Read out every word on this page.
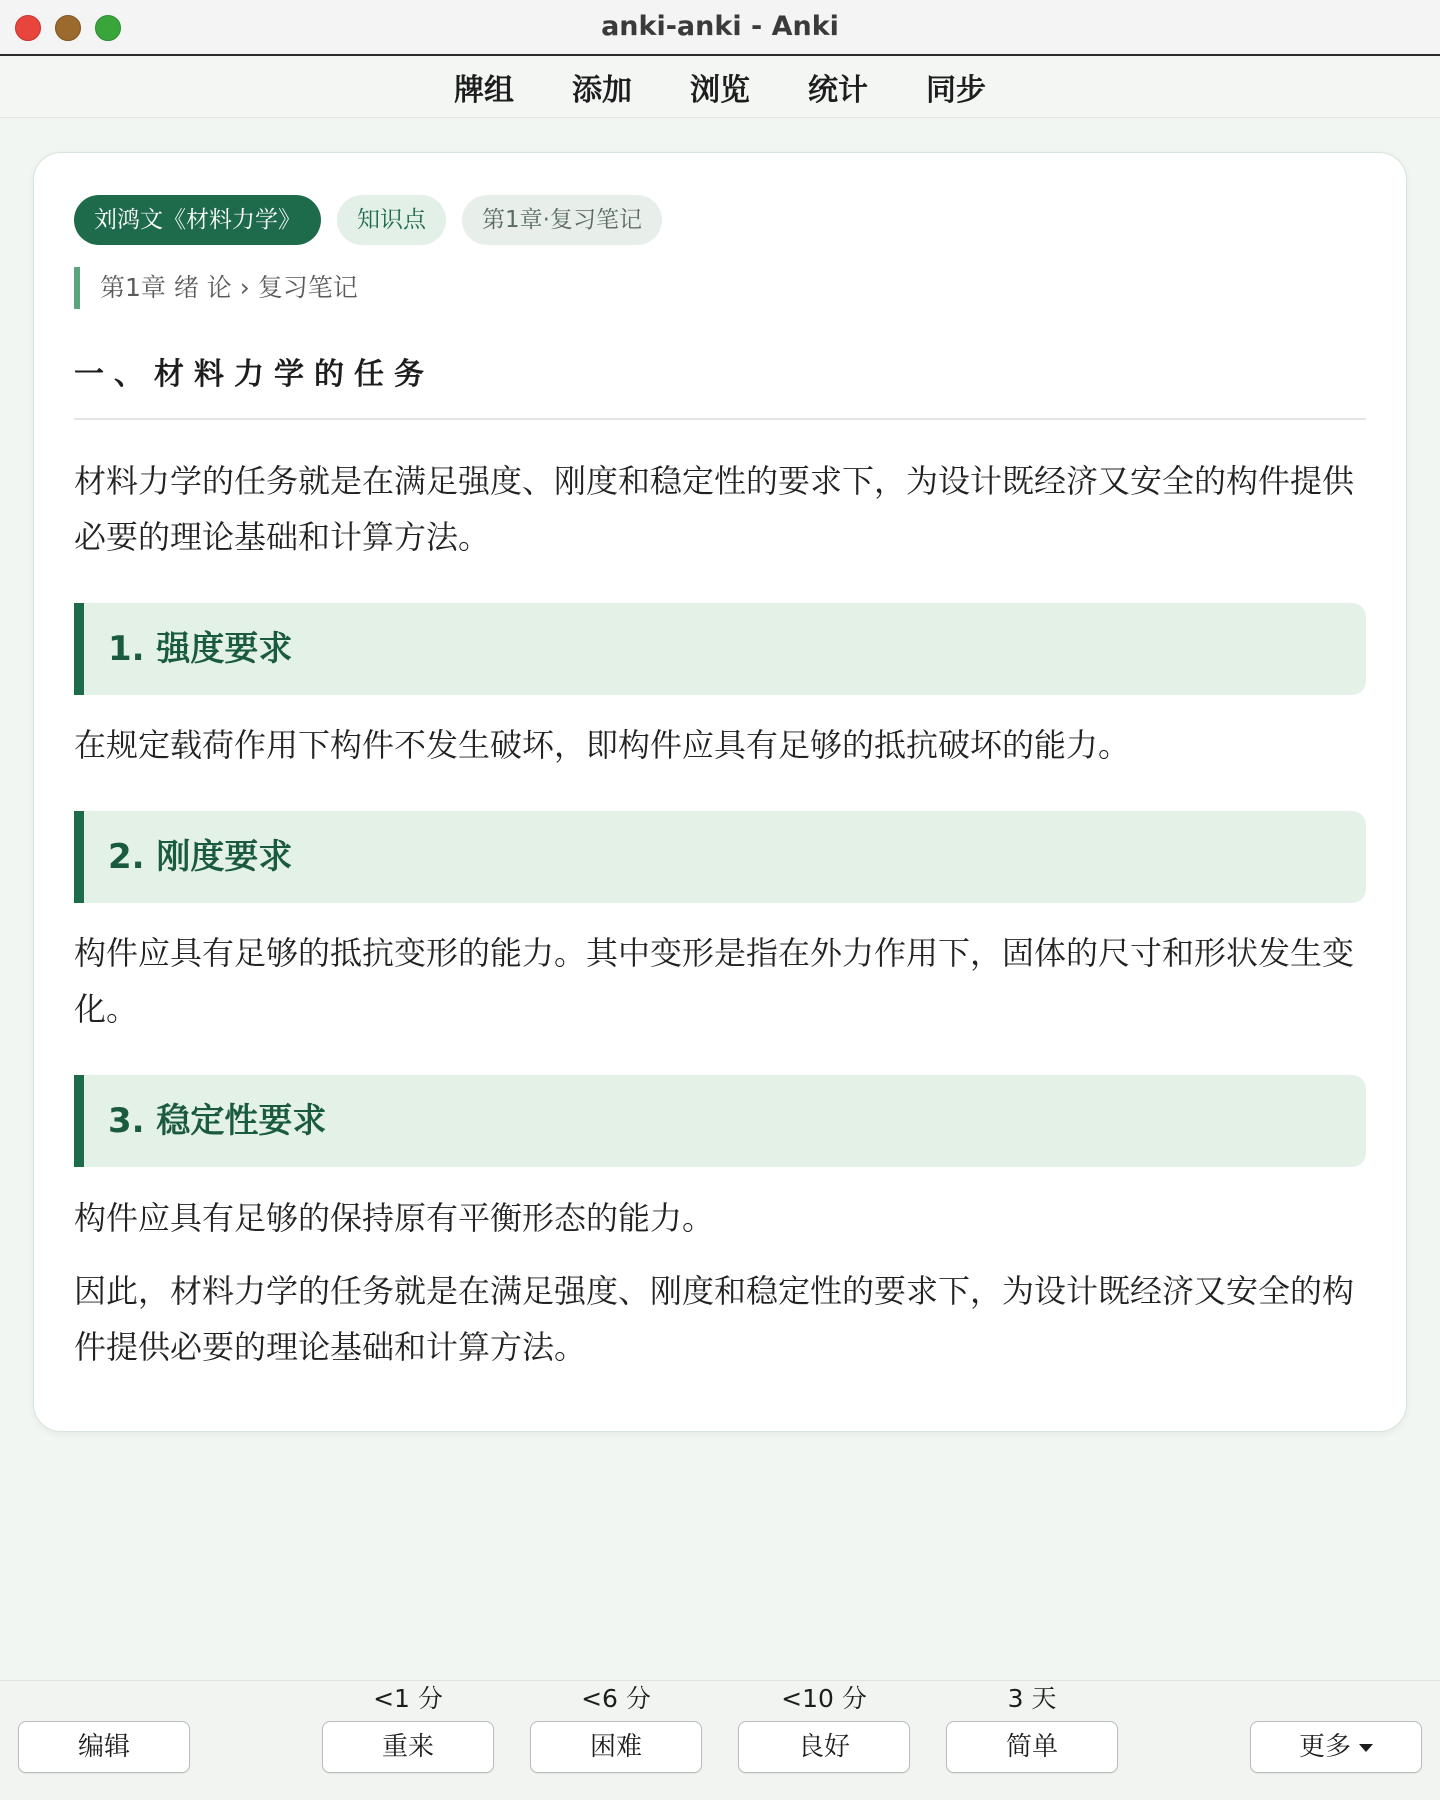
anki-anki - Anki
牌组 添加 浏览 统计 同步
刘鸿文《材料力学》	知识点	第1章·复习笔记
第1章 绪 论 › 复习笔记
一、材料力学的任务

材料力学的任务就是在满足强度、刚度和稳定性的要求下，为设计既经济又安全的构件提供必要的理论基础和计算方法。

1. 强度要求

在规定载荷作用下构件不发生破坏，即构件应具有足够的抵抗破坏的能力。

2. 刚度要求

构件应具有足够的抵抗变形的能力。其中变形是指在外力作用下，固体的尺寸和形状发生变化。

3. 稳定性要求

构件应具有足够的保持原有平衡形态的能力。

因此，材料力学的任务就是在满足强度、刚度和稳定性的要求下，为设计既经济又安全的构件提供必要的理论基础和计算方法。

编辑
<1 分
重来
<6 分
困难
<10 分
良好
3 天
简单	更多
